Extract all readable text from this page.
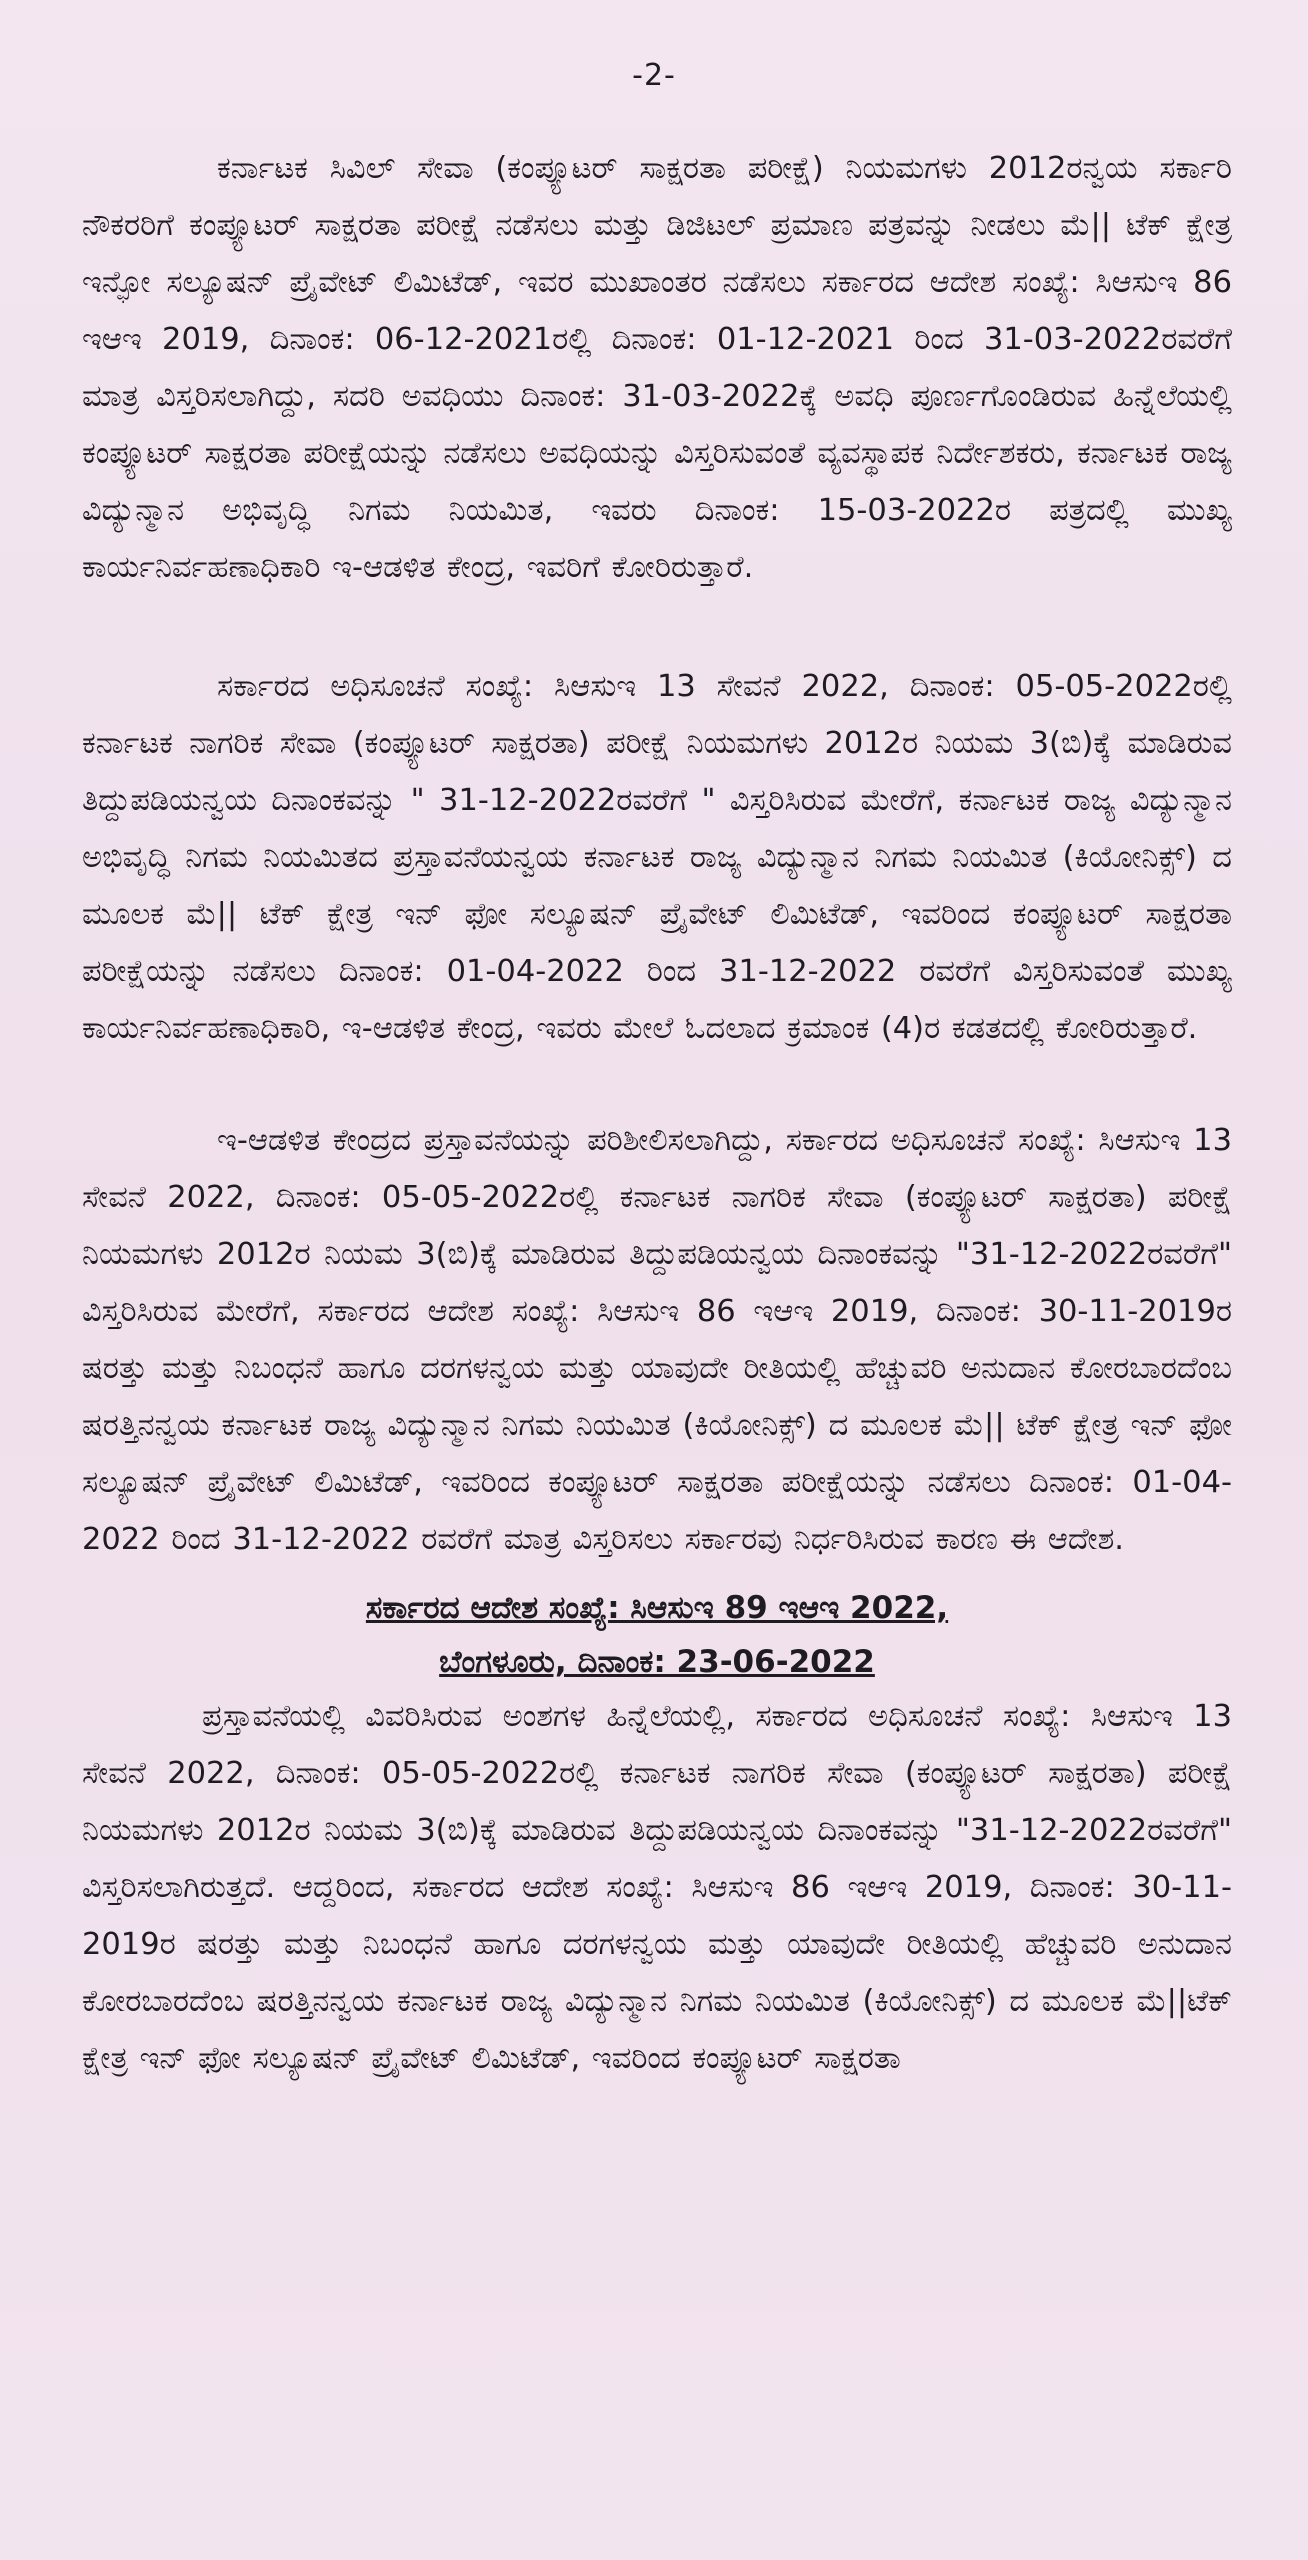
-2-

ಕರ್ನಾಟಕ ಸಿವಿಲ್ ಸೇವಾ (ಕಂಪ್ಯೂಟರ್ ಸಾಕ್ಷರತಾ ಪರೀಕ್ಷೆ) ನಿಯಮಗಳು 2012ರನ್ವಯ ಸರ್ಕಾರಿ ನೌಕರರಿಗೆ ಕಂಪ್ಯೂಟರ್ ಸಾಕ್ಷರತಾ ಪರೀಕ್ಷೆ ನಡೆಸಲು ಮತ್ತು ಡಿಜಿಟಲ್ ಪ್ರಮಾಣ ಪತ್ರವನ್ನು ನೀಡಲು ಮೆ|| ಟೆಕ್ ಕ್ಷೇತ್ರ ಇನ್ಫೋ ಸಲ್ಯೂಷನ್ ಪ್ರೈವೇಟ್ ಲಿಮಿಟೆಡ್, ಇವರ ಮುಖಾಂತರ ನಡೆಸಲು ಸರ್ಕಾರದ ಆದೇಶ ಸಂಖ್ಯೆ: ಸಿಆಸುಇ 86 ಇಆಇ 2019, ದಿನಾಂಕ: 06-12-2021ರಲ್ಲಿ ದಿನಾಂಕ: 01-12-2021 ರಿಂದ 31-03-2022ರವರೆಗೆ ಮಾತ್ರ ವಿಸ್ತರಿಸಲಾಗಿದ್ದು, ಸದರಿ ಅವಧಿಯು ದಿನಾಂಕ: 31-03-2022ಕ್ಕೆ ಅವಧಿ ಪೂರ್ಣಗೊಂಡಿರುವ ಹಿನ್ನೆಲೆಯಲ್ಲಿ ಕಂಪ್ಯೂಟರ್ ಸಾಕ್ಷರತಾ ಪರೀಕ್ಷೆಯನ್ನು ನಡೆಸಲು ಅವಧಿಯನ್ನು ವಿಸ್ತರಿಸುವಂತೆ ವ್ಯವಸ್ಥಾಪಕ ನಿರ್ದೇಶಕರು, ಕರ್ನಾಟಕ ರಾಜ್ಯ ವಿದ್ಯುನ್ಮಾನ ಅಭಿವೃದ್ಧಿ ನಿಗಮ ನಿಯಮಿತ, ಇವರು ದಿನಾಂಕ: 15-03-2022ರ ಪತ್ರದಲ್ಲಿ ಮುಖ್ಯ ಕಾರ್ಯನಿರ್ವಹಣಾಧಿಕಾರಿ ಇ-ಆಡಳಿತ ಕೇಂದ್ರ, ಇವರಿಗೆ ಕೋರಿರುತ್ತಾರೆ.

ಸರ್ಕಾರದ ಅಧಿಸೂಚನೆ ಸಂಖ್ಯೆ: ಸಿಆಸುಇ 13 ಸೇವನೆ 2022, ದಿನಾಂಕ: 05-05-2022ರಲ್ಲಿ ಕರ್ನಾಟಕ ನಾಗರಿಕ ಸೇವಾ (ಕಂಪ್ಯೂಟರ್ ಸಾಕ್ಷರತಾ) ಪರೀಕ್ಷೆ ನಿಯಮಗಳು 2012ರ ನಿಯಮ 3(ಬಿ)ಕ್ಕೆ ಮಾಡಿರುವ ತಿದ್ದುಪಡಿಯನ್ವಯ ದಿನಾಂಕವನ್ನು " 31-12-2022ರವರೆಗೆ " ವಿಸ್ತರಿಸಿರುವ ಮೇರೆಗೆ, ಕರ್ನಾಟಕ ರಾಜ್ಯ ವಿದ್ಯುನ್ಮಾನ ಅಭಿವೃದ್ಧಿ ನಿಗಮ ನಿಯಮಿತದ ಪ್ರಸ್ತಾವನೆಯನ್ವಯ ಕರ್ನಾಟಕ ರಾಜ್ಯ ವಿದ್ಯುನ್ಮಾನ ನಿಗಮ ನಿಯಮಿತ (ಕಿಯೋನಿಕ್ಸ್) ದ ಮೂಲಕ ಮೆ|| ಟೆಕ್ ಕ್ಷೇತ್ರ ಇನ್ ಫೋ ಸಲ್ಯೂಷನ್ ಪ್ರೈವೇಟ್ ಲಿಮಿಟೆಡ್, ಇವರಿಂದ ಕಂಪ್ಯೂಟರ್ ಸಾಕ್ಷರತಾ ಪರೀಕ್ಷೆಯನ್ನು ನಡೆಸಲು ದಿನಾಂಕ: 01-04-2022 ರಿಂದ 31-12-2022 ರವರೆಗೆ ವಿಸ್ತರಿಸುವಂತೆ ಮುಖ್ಯ ಕಾರ್ಯನಿರ್ವಹಣಾಧಿಕಾರಿ, ಇ-ಆಡಳಿತ ಕೇಂದ್ರ, ಇವರು ಮೇಲೆ ಓದಲಾದ ಕ್ರಮಾಂಕ (4)ರ ಕಡತದಲ್ಲಿ ಕೋರಿರುತ್ತಾರೆ.

ಇ-ಆಡಳಿತ ಕೇಂದ್ರದ ಪ್ರಸ್ತಾವನೆಯನ್ನು ಪರಿಶೀಲಿಸಲಾಗಿದ್ದು, ಸರ್ಕಾರದ ಅಧಿಸೂಚನೆ ಸಂಖ್ಯೆ: ಸಿಆಸುಇ 13 ಸೇವನೆ 2022, ದಿನಾಂಕ: 05-05-2022ರಲ್ಲಿ ಕರ್ನಾಟಕ ನಾಗರಿಕ ಸೇವಾ (ಕಂಪ್ಯೂಟರ್ ಸಾಕ್ಷರತಾ) ಪರೀಕ್ಷೆ ನಿಯಮಗಳು 2012ರ ನಿಯಮ 3(ಬಿ)ಕ್ಕೆ ಮಾಡಿರುವ ತಿದ್ದುಪಡಿಯನ್ವಯ ದಿನಾಂಕವನ್ನು "31-12-2022ರವರೆಗೆ" ವಿಸ್ತರಿಸಿರುವ ಮೇರೆಗೆ, ಸರ್ಕಾರದ ಆದೇಶ ಸಂಖ್ಯೆ: ಸಿಆಸುಇ 86 ಇಆಇ 2019, ದಿನಾಂಕ: 30-11-2019ರ ಷರತ್ತು ಮತ್ತು ನಿಬಂಧನೆ ಹಾಗೂ ದರಗಳನ್ವಯ ಮತ್ತು ಯಾವುದೇ ರೀತಿಯಲ್ಲಿ ಹೆಚ್ಚುವರಿ ಅನುದಾನ ಕೋರಬಾರದೆಂಬ ಷರತ್ತಿನನ್ವಯ ಕರ್ನಾಟಕ ರಾಜ್ಯ ವಿದ್ಯುನ್ಮಾನ ನಿಗಮ ನಿಯಮಿತ (ಕಿಯೋನಿಕ್ಸ್) ದ ಮೂಲಕ ಮೆ|| ಟೆಕ್ ಕ್ಷೇತ್ರ ಇನ್ ಫೋ ಸಲ್ಯೂಷನ್ ಪ್ರೈವೇಟ್ ಲಿಮಿಟೆಡ್, ಇವರಿಂದ ಕಂಪ್ಯೂಟರ್ ಸಾಕ್ಷರತಾ ಪರೀಕ್ಷೆಯನ್ನು ನಡೆಸಲು ದಿನಾಂಕ: 01-04-2022 ರಿಂದ 31-12-2022 ರವರೆಗೆ ಮಾತ್ರ ವಿಸ್ತರಿಸಲು ಸರ್ಕಾರವು ನಿರ್ಧರಿಸಿರುವ ಕಾರಣ ಈ ಆದೇಶ.

ಸರ್ಕಾರದ ಆದೇಶ ಸಂಖ್ಯೆ: ಸಿಆಸುಇ 89 ಇಆಇ 2022,
ಬೆಂಗಳೂರು, ದಿನಾಂಕ: 23-06-2022

ಪ್ರಸ್ತಾವನೆಯಲ್ಲಿ ವಿವರಿಸಿರುವ ಅಂಶಗಳ ಹಿನ್ನೆಲೆಯಲ್ಲಿ, ಸರ್ಕಾರದ ಅಧಿಸೂಚನೆ ಸಂಖ್ಯೆ: ಸಿಆಸುಇ 13 ಸೇವನೆ 2022, ದಿನಾಂಕ: 05-05-2022ರಲ್ಲಿ ಕರ್ನಾಟಕ ನಾಗರಿಕ ಸೇವಾ (ಕಂಪ್ಯೂಟರ್ ಸಾಕ್ಷರತಾ) ಪರೀಕ್ಷೆ ನಿಯಮಗಳು 2012ರ ನಿಯಮ 3(ಬಿ)ಕ್ಕೆ ಮಾಡಿರುವ ತಿದ್ದುಪಡಿಯನ್ವಯ ದಿನಾಂಕವನ್ನು "31-12-2022ರವರೆಗೆ" ವಿಸ್ತರಿಸಲಾಗಿರುತ್ತದೆ. ಆದ್ದರಿಂದ, ಸರ್ಕಾರದ ಆದೇಶ ಸಂಖ್ಯೆ: ಸಿಆಸುಇ 86 ಇಆಇ 2019, ದಿನಾಂಕ: 30-11-2019ರ ಷರತ್ತು ಮತ್ತು ನಿಬಂಧನೆ ಹಾಗೂ ದರಗಳನ್ವಯ ಮತ್ತು ಯಾವುದೇ ರೀತಿಯಲ್ಲಿ ಹೆಚ್ಚುವರಿ ಅನುದಾನ ಕೋರಬಾರದೆಂಬ ಷರತ್ತಿನನ್ವಯ ಕರ್ನಾಟಕ ರಾಜ್ಯ ವಿದ್ಯುನ್ಮಾನ ನಿಗಮ ನಿಯಮಿತ (ಕಿಯೋನಿಕ್ಸ್) ದ ಮೂಲಕ ಮೆ||ಟೆಕ್ ಕ್ಷೇತ್ರ ಇನ್ ಫೋ ಸಲ್ಯೂಷನ್ ಪ್ರೈವೇಟ್ ಲಿಮಿಟೆಡ್, ಇವರಿಂದ ಕಂಪ್ಯೂಟರ್ ಸಾಕ್ಷರತಾ
